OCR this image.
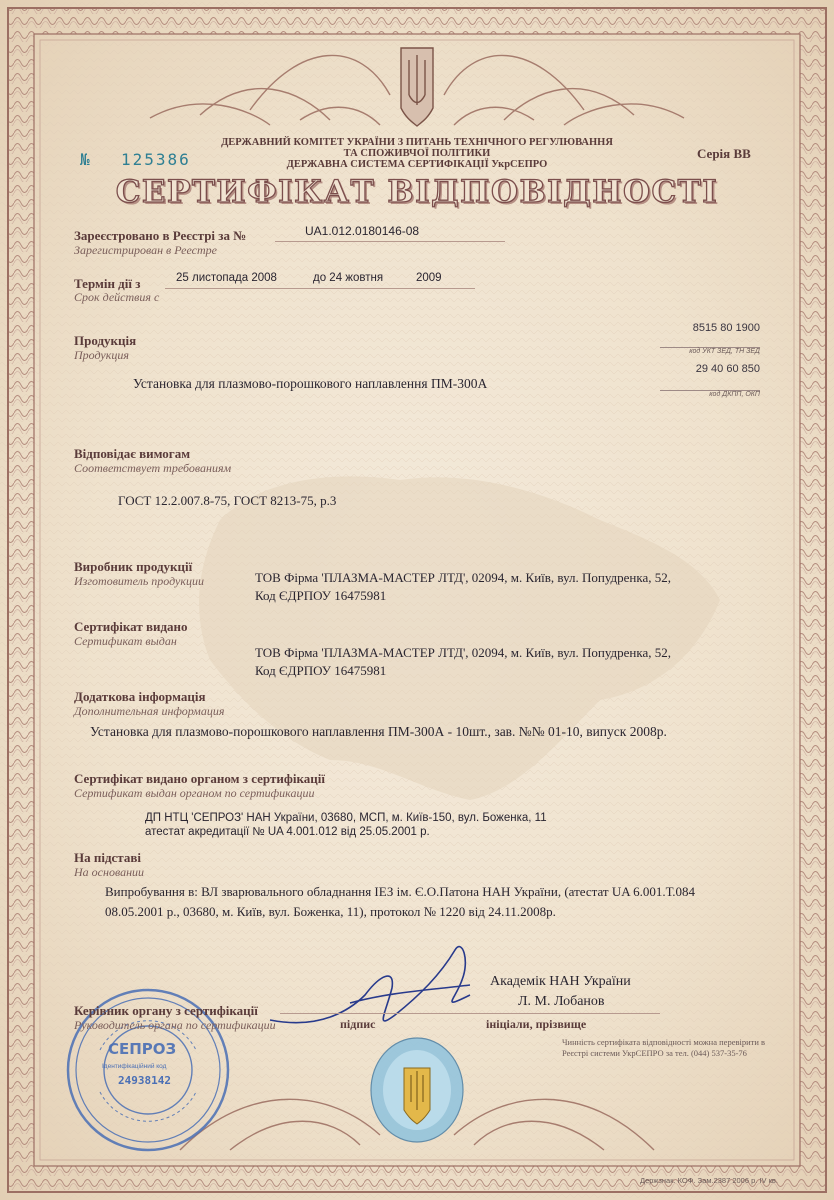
ДЕРЖАВНИЙ КОМІТЕТ УКРАЇНИ З ПИТАНЬ ТЕХНІЧНОГО РЕГУЛЮВАННЯ
ТА СПОЖИВЧОЇ ПОЛІТИКИ
ДЕРЖАВНА СИСТЕМА СЕРТИФІКАЦІЇ УкрСЕПРО
№ 125386	Серія ВВ
СЕРТИФІКАТ ВІДПОВІДНОСТІ
Зареєстровано в Реєстрі за №
Зарегистрирован в Реестре
UA1.012.0180146-08
Термін дії з
Срок действия с
25 листопада 2008	до 24 жовтня	2009
Продукція
Продукция
Установка для плазмово-порошкового наплавлення ПМ-300А
8515 80 1900
код УКТ ЗЕД, ТН ЗЕД
29 40 60 850
код ДКПП, ОКП
Відповідає вимогам
Соответствует требованиям
ГОСТ 12.2.007.8-75, ГОСТ 8213-75, р.3
Виробник продукції
Изготовитель продукции	ТОВ Фірма 'ПЛАЗМА-МАСТЕР ЛТД', 02094, м. Київ, вул. Попудренка, 52,
Код ЄДРПОУ 16475981
Сертифікат видано
Сертификат выдан
ТОВ Фірма 'ПЛАЗМА-МАСТЕР ЛТД', 02094, м. Київ, вул. Попудренка, 52,
Код ЄДРПОУ 16475981
Додаткова інформація
Дополнительная информация
Установка для плазмово-порошкового наплавлення ПМ-300А - 10шт., зав. №№ 01-10, випуск 2008р.
Сертифікат видано органом з сертифікації
Сертификат выдан органом по сертификации
ДП НТЦ 'СЕПРОЗ' НАН України, 03680, МСП, м. Київ-150, вул. Боженка, 11
атестат акредитації № UA 4.001.012 від 25.05.2001 р.
На підставі
На основании
Випробування в: ВЛ зварювального обладнання ІЕЗ ім. Є.О.Патона НАН України, (атестат UA 6.001.Т.084
08.05.2001 р., 03680, м. Київ, вул. Боженка, 11), протокол № 1220 від 24.11.2008р.
Академік НАН України
Л. М. Лобанов
Керівник органу з сертифікації
Руководитель органа по сертификации	підпис	ініціали, прізвище
СЕПРОЗ
Ідентифікаційний код
24938142
Чинність сертифіката відповідності можна перевірити в Реєстрі системи УкрСЕПРО за тел. (044) 537-35-76
Держзнак. КОФ. Зам.2387 2006 р. IV кв.
